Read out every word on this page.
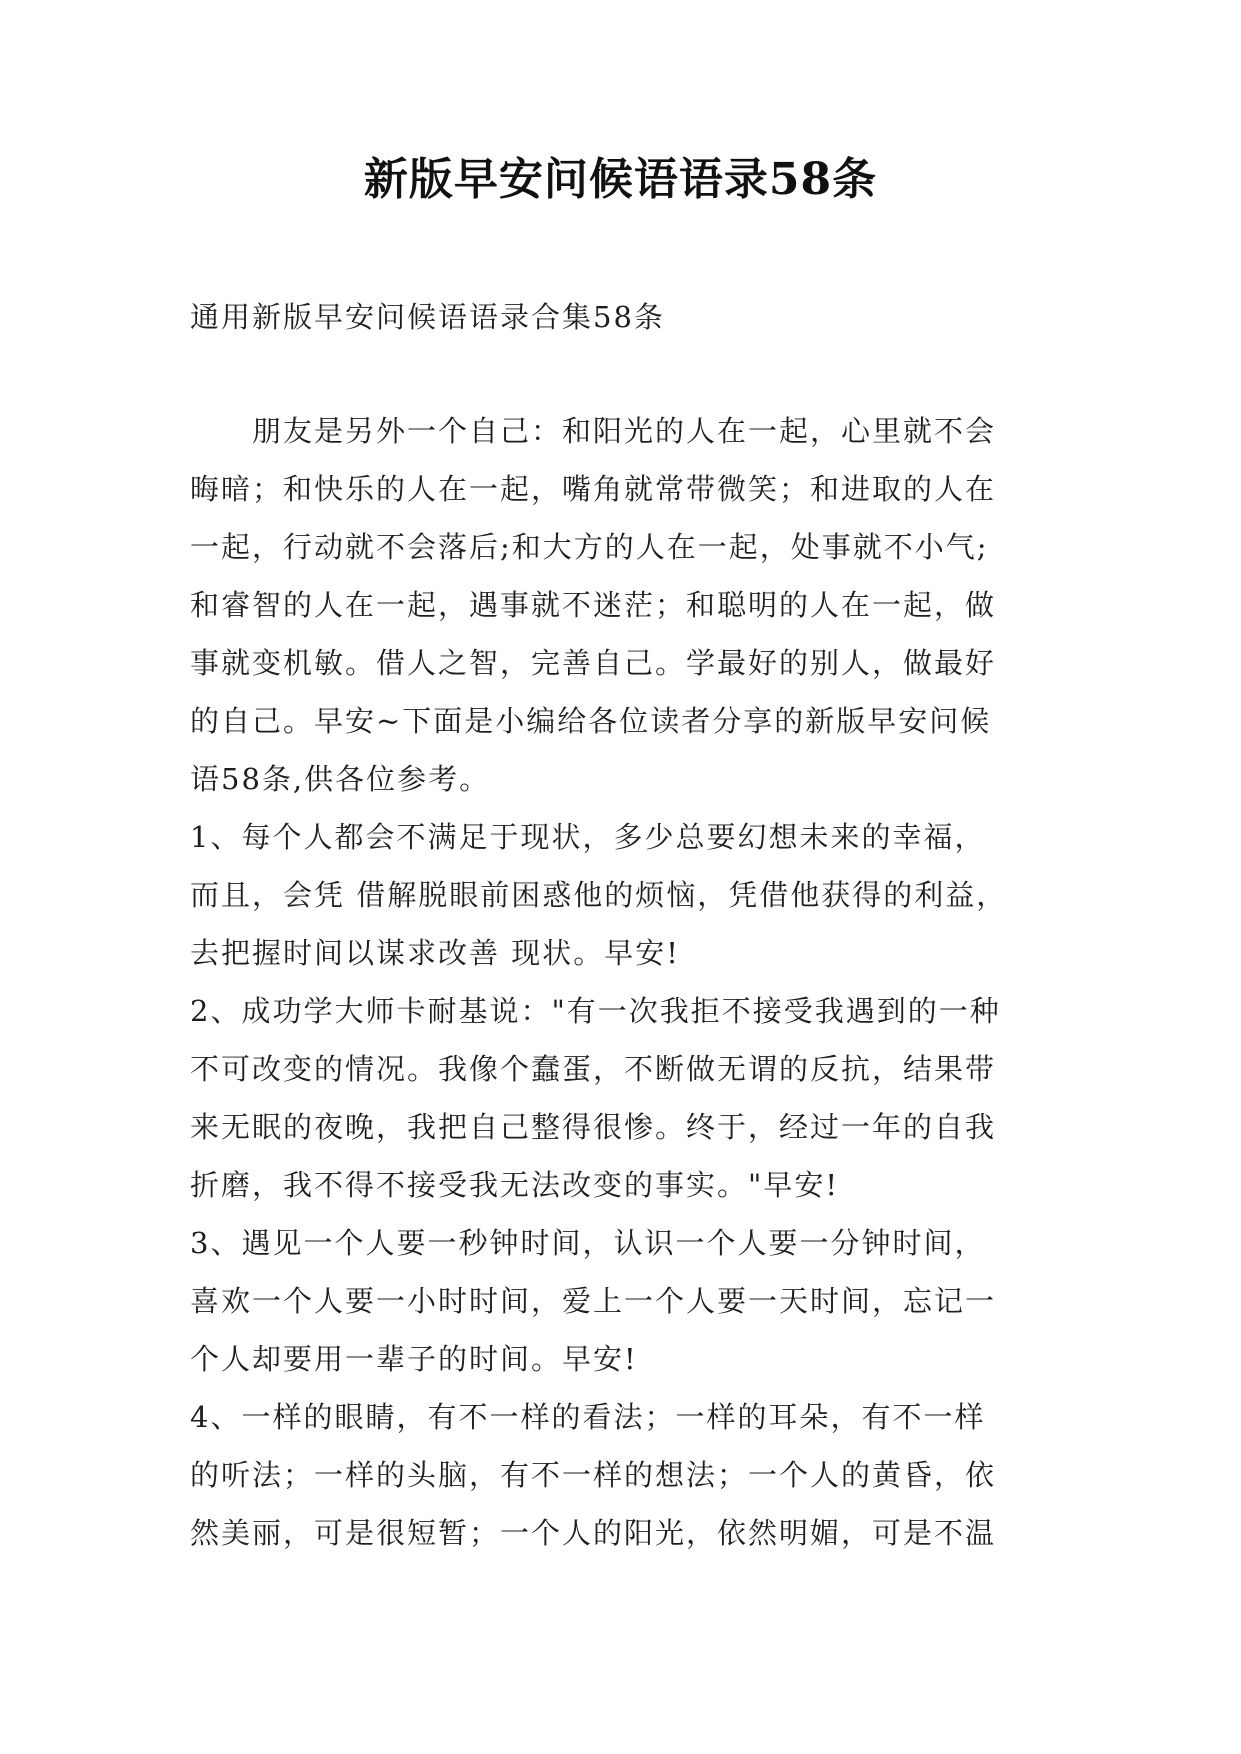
新版早安问候语语录58条
通用新版早安问候语语录合集58条
朋友是另外一个自己：和阳光的人在一起，心里就不会
晦暗；和快乐的人在一起，嘴角就常带微笑；和进取的人在
一起，行动就不会落后;和大方的人在一起，处事就不小气;
和睿智的人在一起，遇事就不迷茫；和聪明的人在一起，做
事就变机敏。借人之智，完善自己。学最好的别人，做最好
的自己。早安~下面是小编给各位读者分享的新版早安问候
语58条,供各位参考。
1、每个人都会不满足于现状，多少总要幻想未来的幸福，
而且，会凭 借解脱眼前困惑他的烦恼，凭借他获得的利益，
去把握时间以谋求改善 现状。早安!
2、成功学大师卡耐基说："有一次我拒不接受我遇到的一种
不可改变的情况。我像个蠢蛋，不断做无谓的反抗，结果带
来无眠的夜晚，我把自己整得很惨。终于，经过一年的自我
折磨，我不得不接受我无法改变的事实。"早安!
3、遇见一个人要一秒钟时间，认识一个人要一分钟时间，
喜欢一个人要一小时时间，爱上一个人要一天时间，忘记一
个人却要用一辈子的时间。早安!
4、一样的眼睛，有不一样的看法；一样的耳朵，有不一样
的听法；一样的头脑，有不一样的想法；一个人的黄昏，依
然美丽，可是很短暂；一个人的阳光，依然明媚，可是不温
